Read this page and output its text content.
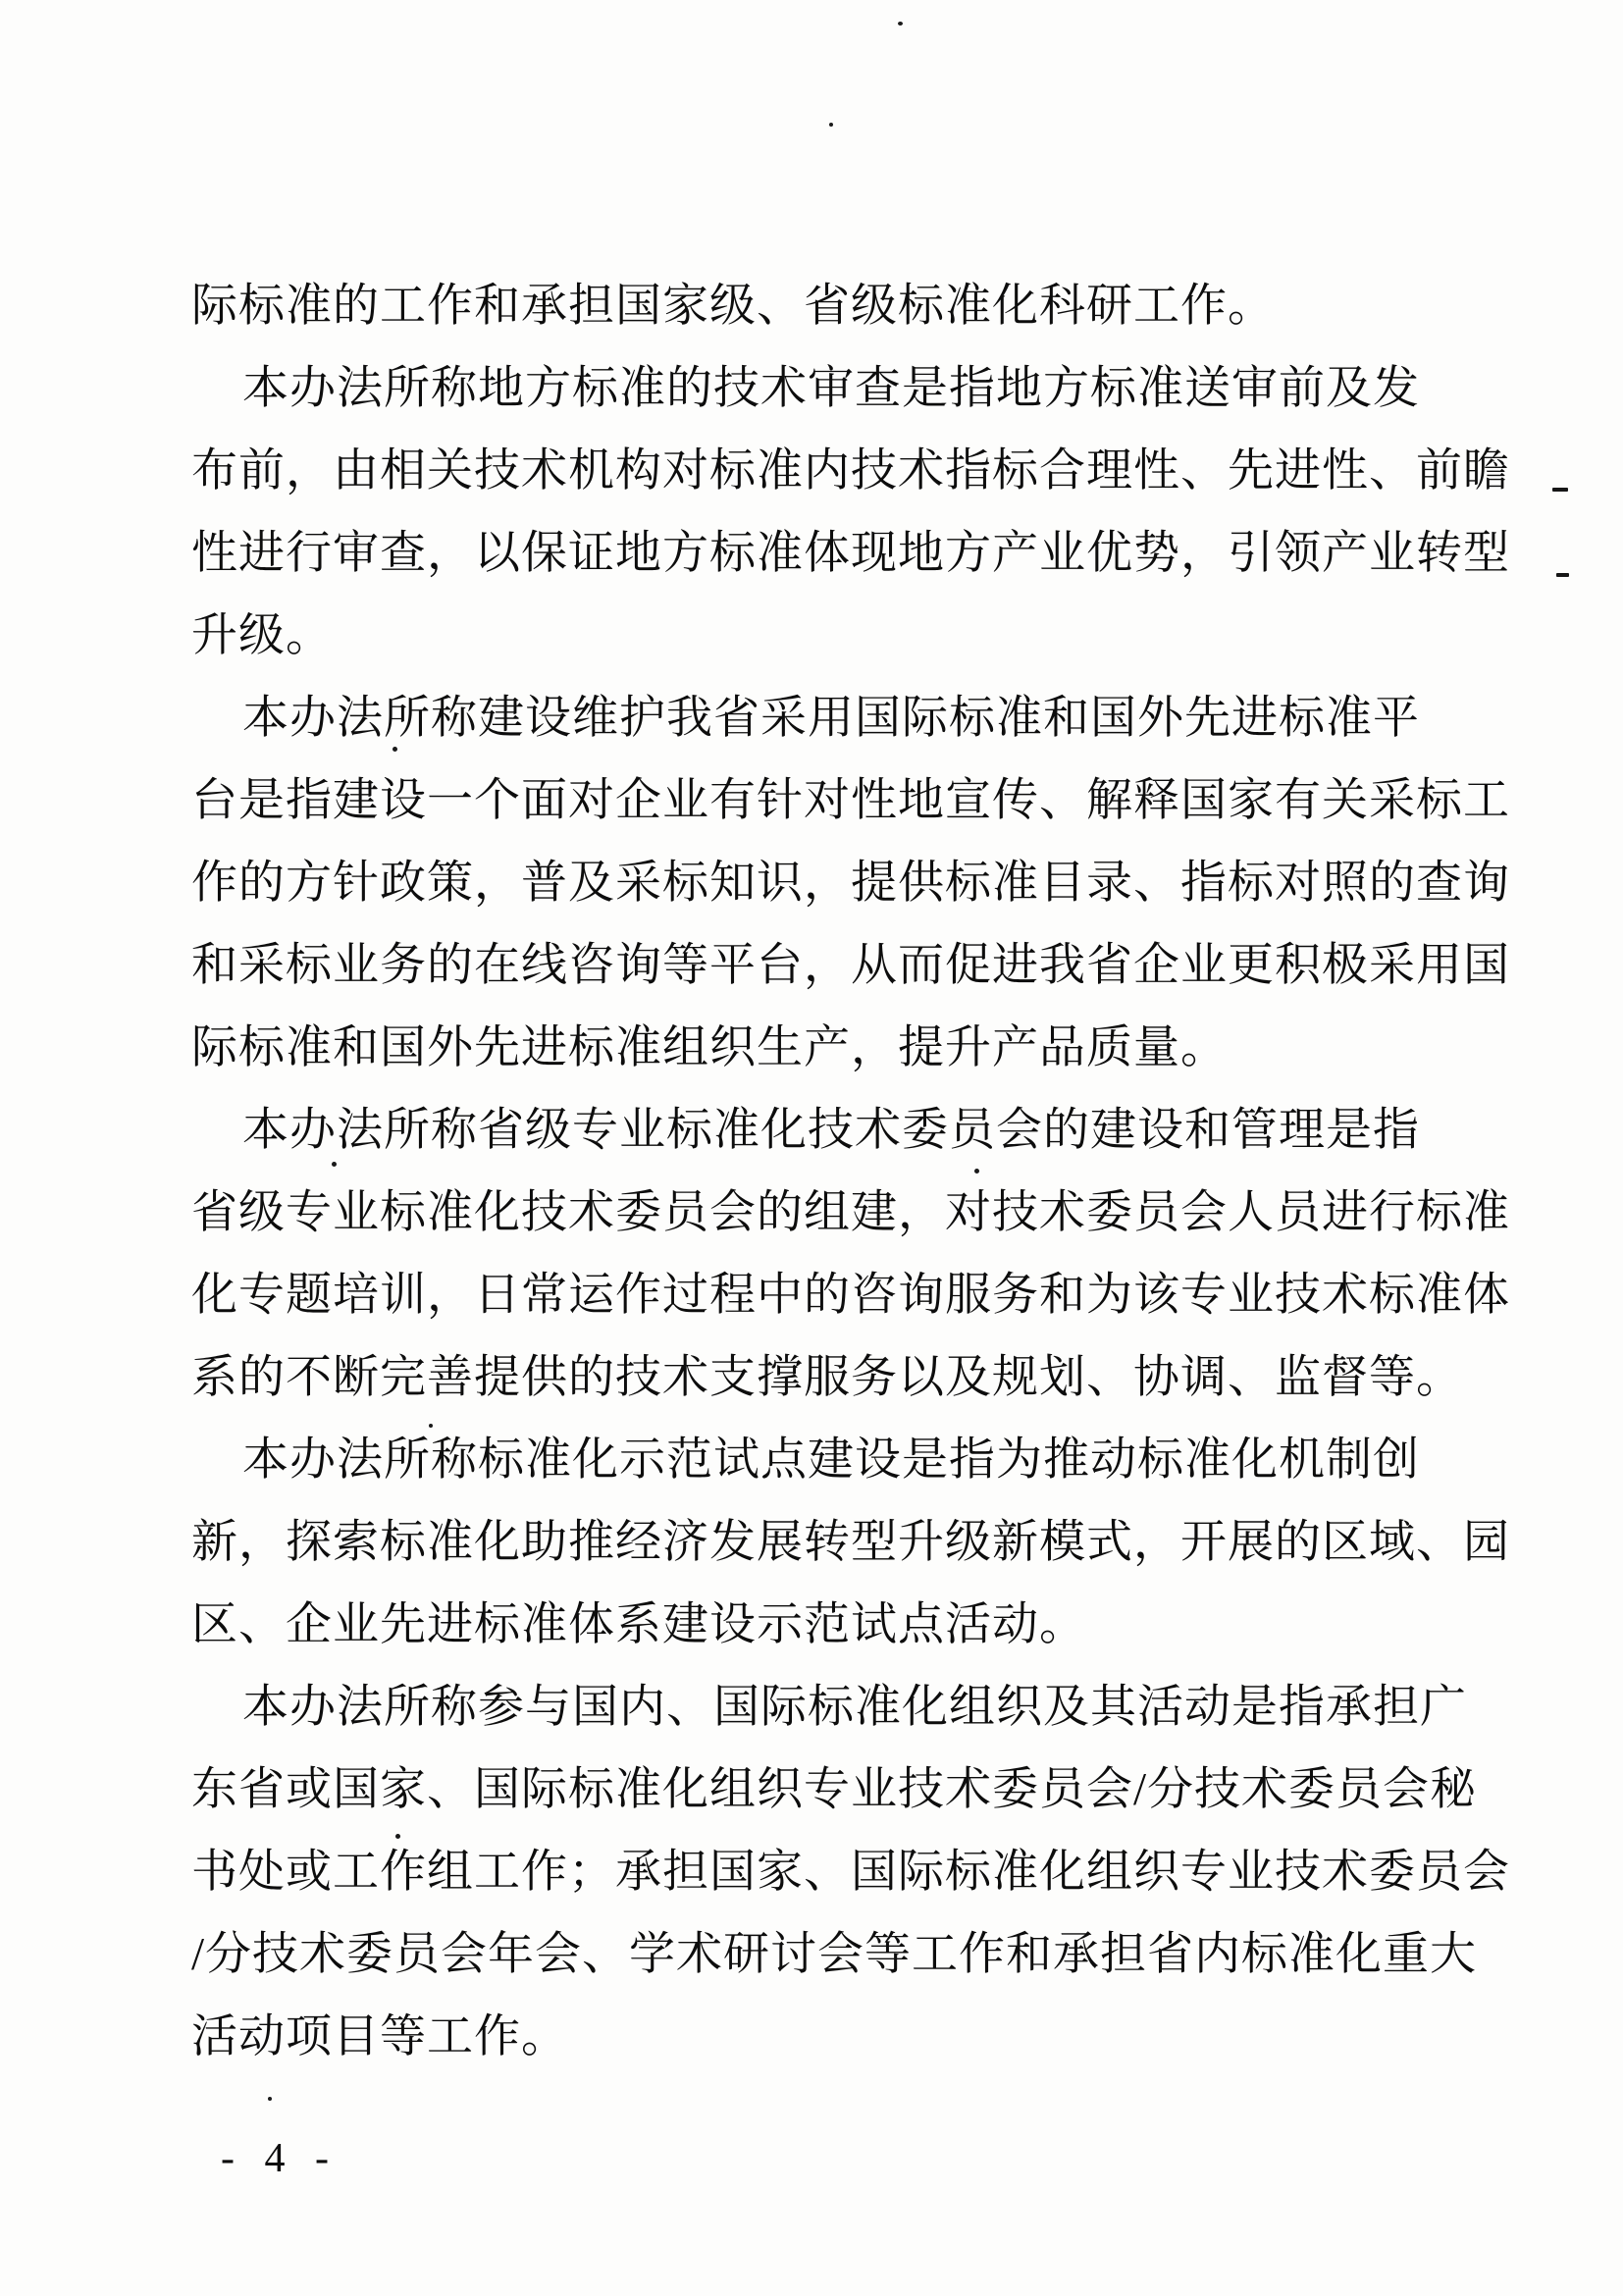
际标准的工作和承担国家级、省级标准化科研工作。
本办法所称地方标准的技术审查是指地方标准送审前及发
布前，由相关技术机构对标准内技术指标合理性、先进性、前瞻
性进行审查，以保证地方标准体现地方产业优势，引领产业转型
升级。
本办法所称建设维护我省采用国际标准和国外先进标准平
台是指建设一个面对企业有针对性地宣传、解释国家有关采标工
作的方针政策，普及采标知识，提供标准目录、指标对照的查询
和采标业务的在线咨询等平台，从而促进我省企业更积极采用国
际标准和国外先进标准组织生产，提升产品质量。
本办法所称省级专业标准化技术委员会的建设和管理是指
省级专业标准化技术委员会的组建，对技术委员会人员进行标准
化专题培训，日常运作过程中的咨询服务和为该专业技术标准体
系的不断完善提供的技术支撑服务以及规划、协调、监督等。
本办法所称标准化示范试点建设是指为推动标准化机制创
新，探索标准化助推经济发展转型升级新模式，开展的区域、园
区、企业先进标准体系建设示范试点活动。
本办法所称参与国内、国际标准化组织及其活动是指承担广
东省或国家、国际标准化组织专业技术委员会/分技术委员会秘
书处或工作组工作；承担国家、国际标准化组织专业技术委员会
/分技术委员会年会、学术研讨会等工作和承担省内标准化重大
活动项目等工作。
- 4 -
